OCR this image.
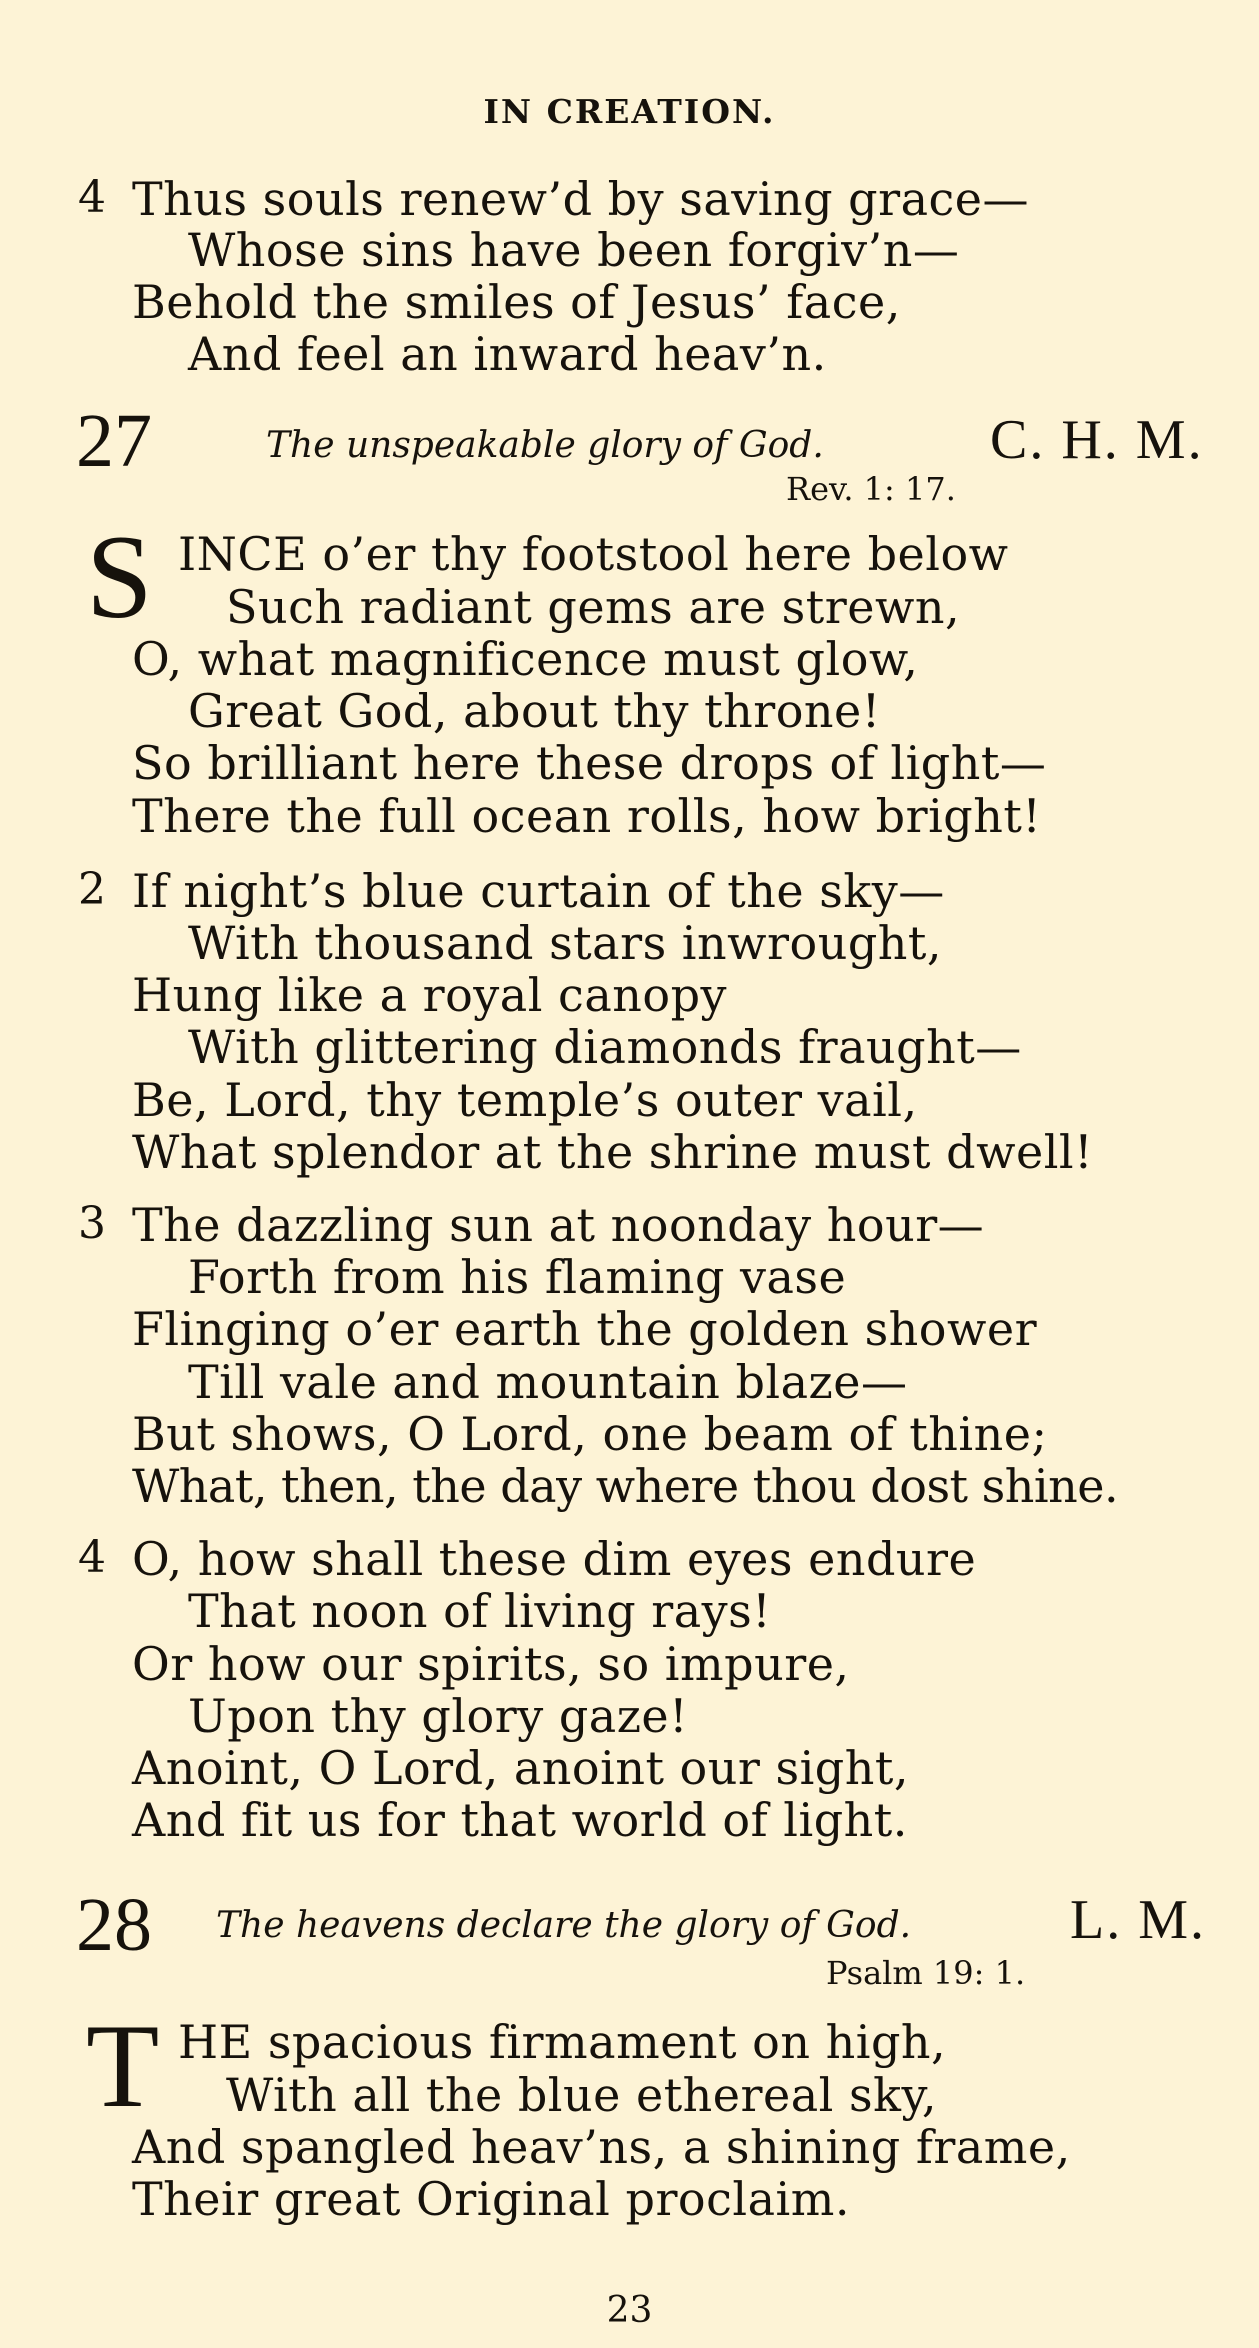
IN CREATION.
4 Thus souls renew’d by saving grace—
Whose sins have been forgiv’n—
Behold the smiles of Jesus’ face,
And feel an inward heav’n.
27	The unspeakable glory of God.	C. H. M.
Rev. 1: 17.
S INCE o’er thy footstool here below
Such radiant gems are strewn,
O, what magnificence must glow,
Great God, about thy throne!
So brilliant here these drops of light—
There the full ocean rolls, how bright!
2 If night’s blue curtain of the sky—
With thousand stars inwrought,
Hung like a royal canopy
With glittering diamonds fraught—
Be, Lord, thy temple’s outer vail,
What splendor at the shrine must dwell!
3 The dazzling sun at noonday hour—
Forth from his flaming vase
Flinging o’er earth the golden shower
Till vale and mountain blaze—
But shows, O Lord, one beam of thine;
What, then, the day where thou dost shine.
4 O, how shall these dim eyes endure
That noon of living rays!
Or how our spirits, so impure,
Upon thy glory gaze!
Anoint, O Lord, anoint our sight,
And fit us for that world of light.
28 The heavens declare the glory of God.	L. M.
Psalm 19: 1.
T HE spacious firmament on high,
With all the blue ethereal sky,
And spangled heav’ns, a shining frame,
Their great Original proclaim.
23
